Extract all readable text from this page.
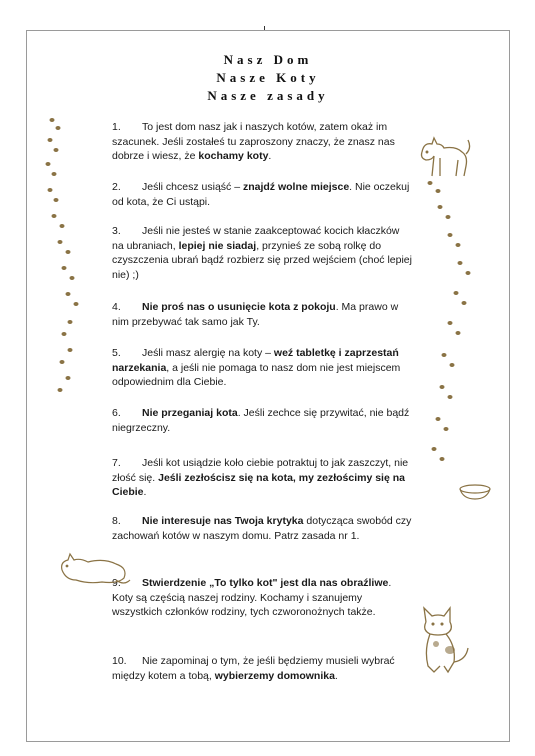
Nasz Dom
Nasze Koty
Nasze zasady
1. To jest dom nasz jak i naszych kotów, zatem okaż im szacunek. Jeśli zostałeś tu zaproszony znaczy, że znasz nas dobrze i wiesz, że kochamy koty.
2. Jeśli chcesz usiąść – znajdź wolne miejsce. Nie oczekuj od kota, że Ci ustąpi.
3. Jeśli nie jesteś w stanie zaakceptować kocich kłaczków na ubraniach, lepiej nie siadaj, przynieś ze sobą rolkę do czyszczenia ubrań bądź rozbierz się przed wejściem (choć lepiej nie) ;)
4. Nie proś nas o usunięcie kota z pokoju. Ma prawo w nim przebywać tak samo jak Ty.
5. Jeśli masz alergię na koty – weź tabletkę i zaprzestań narzekania, a jeśli nie pomaga to nasz dom nie jest miejscem odpowiednim dla Ciebie.
6. Nie przeganiaj kota. Jeśli zechce się przywitać, nie bądź niegrzeczny.
7. Jeśli kot usiądzie koło ciebie potraktuj to jak zaszczyt, nie złość się. Jeśli zezłościsz się na kota, my zezłościmy się na Ciebie.
8. Nie interesuje nas Twoja krytyka dotycząca swobód czy zachowań kotów w naszym domu. Patrz zasada nr 1.
9. Stwierdzenie „To tylko kot" jest dla nas obraźliwe. Koty są częścią naszej rodziny. Kochamy i szanujemy wszystkich członków rodziny, tych czworonożnych także.
10. Nie zapominaj o tym, że jeśli będziemy musieli wybrać między kotem a tobą, wybierzemy domownika.
